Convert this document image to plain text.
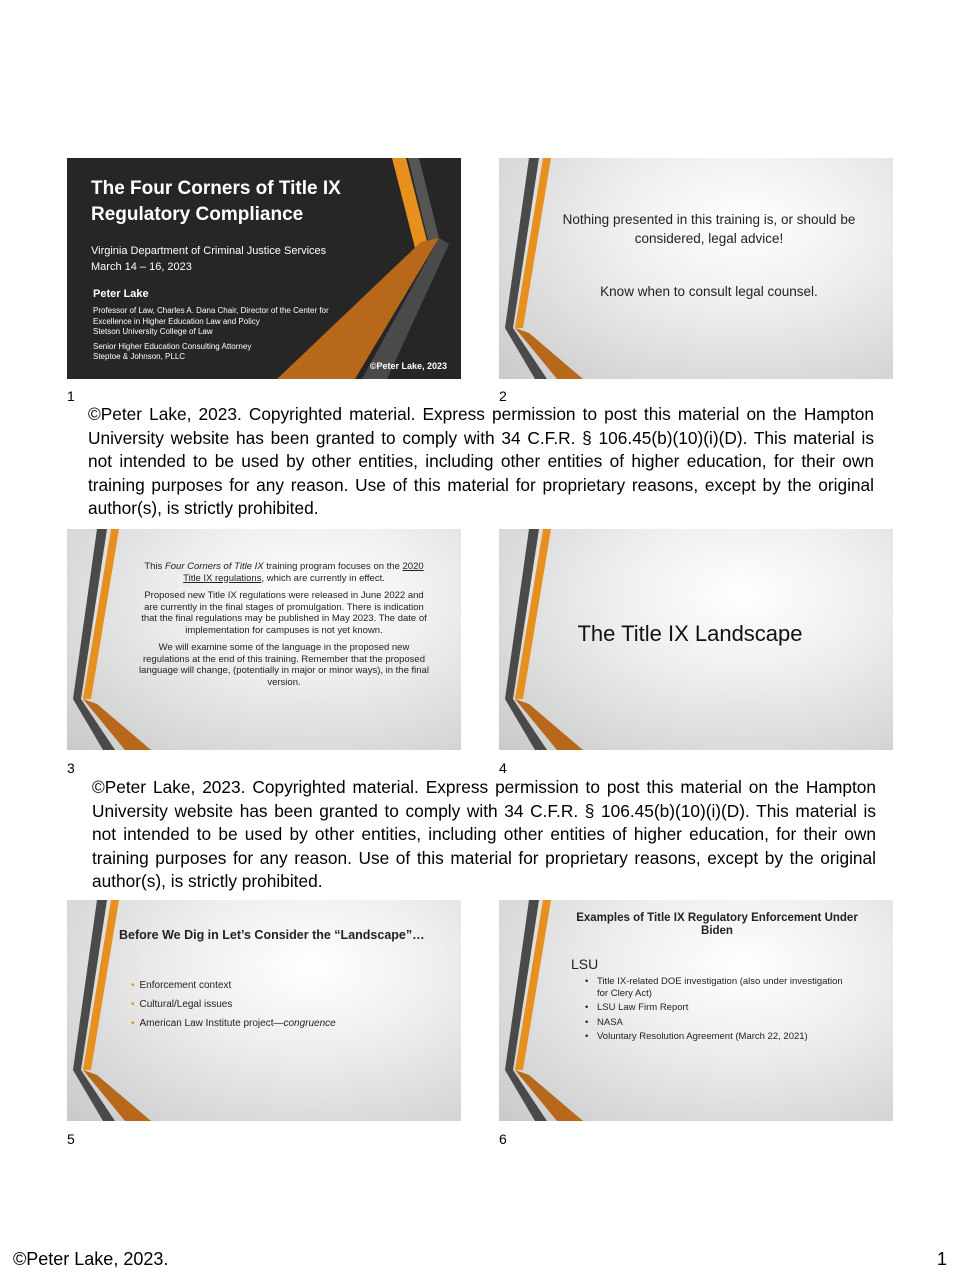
The Four Corners of Title IX Regulatory Compliance
Virginia Department of Criminal Justice Services
March 14 – 16, 2023
Peter Lake
Professor of Law, Charles A. Dana Chair, Director of the Center for Excellence in Higher Education Law and Policy
Stetson University College of Law
Senior Higher Education Consulting Attorney
Steptoe & Johnson, PLLC
©Peter Lake, 2023
1
Nothing presented in this training is, or should be considered, legal advice!
Know when to consult legal counsel.
2
©Peter Lake, 2023. Copyrighted material. Express permission to post this material on the Hampton University website has been granted to comply with 34 C.F.R. § 106.45(b)(10)(i)(D). This material is not intended to be used by other entities, including other entities of higher education, for their own training purposes for any reason. Use of this material for proprietary reasons, except by the original author(s), is strictly prohibited.

This Four Corners of Title IX training program focuses on the 2020 Title IX regulations, which are currently in effect.

Proposed new Title IX regulations were released in June 2022 and are currently in the final stages of promulgation. There is indication that the final regulations may be published in May 2023. The date of implementation for campuses is not yet known.

We will examine some of the language in the proposed new regulations at the end of this training. Remember that the proposed language will change, (potentially in major or minor ways), in the final version.

3
The Title IX Landscape
4
©Peter Lake, 2023. Copyrighted material. Express permission to post this material on the Hampton University website has been granted to comply with 34 C.F.R. § 106.45(b)(10)(i)(D). This material is not intended to be used by other entities, including other entities of higher education, for their own training purposes for any reason. Use of this material for proprietary reasons, except by the original author(s), is strictly prohibited.
Before We Dig in Let’s Consider the “Landscape”…
• Enforcement context
• Cultural/Legal issues
• American Law Institute project—congruence
5
Examples of Title IX Regulatory Enforcement Under Biden
LSU
• Title IX-related DOE investigation (also under investigation for Clery Act)
• LSU Law Firm Report
• NASA
• Voluntary Resolution Agreement (March 22, 2021)
6
©Peter Lake, 2023.	1
